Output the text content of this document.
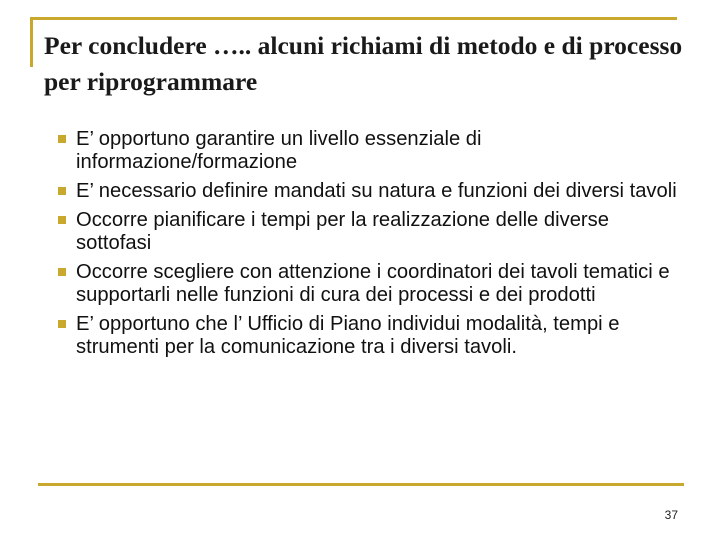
Per concludere ….. alcuni richiami di metodo e di processo per riprogrammare
E’ opportuno garantire un livello essenziale di informazione/formazione
E’ necessario definire mandati su natura e funzioni dei diversi tavoli
Occorre pianificare i tempi per la realizzazione delle diverse sottofasi
Occorre scegliere con attenzione i coordinatori dei tavoli tematici e supportarli nelle funzioni di cura dei processi e dei prodotti
E’ opportuno che l’ Ufficio di Piano individui modalità, tempi e strumenti per la comunicazione tra i diversi tavoli.
37
